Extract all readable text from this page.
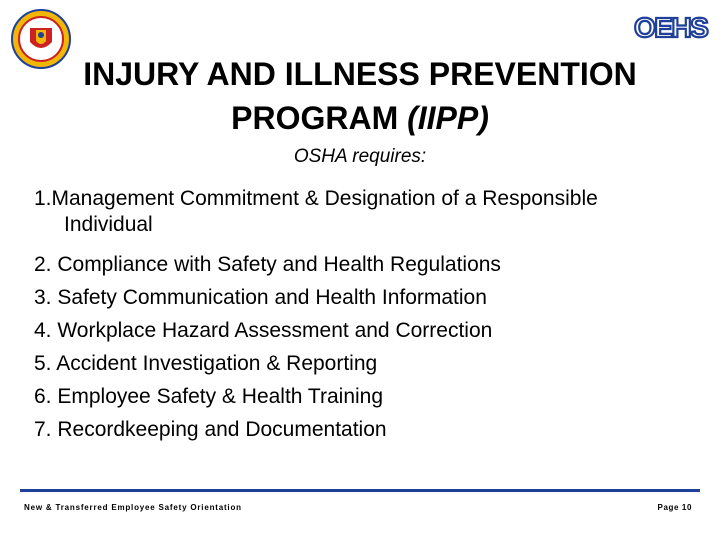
OEHS
INJURY AND ILLNESS PREVENTION PROGRAM (IIPP)
OSHA requires:
1.Management Commitment & Designation of a Responsible Individual
2. Compliance with Safety and Health Regulations
3. Safety Communication and Health Information
4. Workplace Hazard Assessment and Correction
5. Accident Investigation & Reporting
6. Employee Safety & Health Training
7. Recordkeeping and Documentation
New & Transferred Employee Safety Orientation	Page 10
